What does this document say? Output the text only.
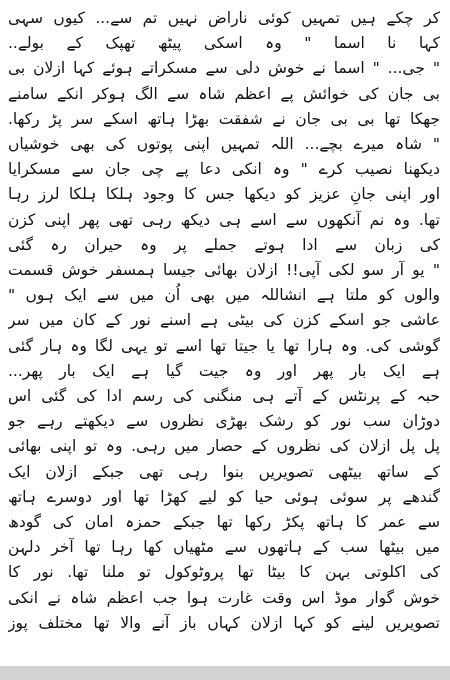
کر چکے ہیں تمہیں کوئی ناراض نہیں تم سے... کیوں سہی
کہا نا اسما " وہ اسکی پیٹھ تھپک کے بولے..
" جی... " اسما نے خوش دلی سے مسکراتے ہوئے کہا ازلان بی
بی جان کی خوائش پے اعظم شاہ سے الگ ہوکر انکے سامنے
جھکا تھا بی بی جان نے شفقت بھڑا ہاتھ اسکے سر پڑ رکھا.
" شاہ میرے بچے... اللہ تمہیں اپنی پوتوں کی بھی خوشیاں
دیکھنا نصیب کرے " وہ انکی دعا پے چی جان سے مسکرایا
اور اپنی جانِ عزیز کو دیکھا جس کا وجود ہلکا ہلکا لرز رہا
تھا. وہ نم آنکھوں سے اسے ہی دیکھ رہی تھی پھر اپنی کزن
کی زبان سے ادا ہوتے جملے پر وہ حیران رہ گئی
" یو آر سو لکی آپی!! ازلان بھائی جیسا ہمسفر خوش قسمت
والوں کو ملتا ہے انشاللہ میں بھی اُن میں سے ایک ہوں "
عاشی جو اسکے کزن کی بیٹی ہے اسنے نور کے کان میں سر
گوشی کی. وہ ہارا تھا یا جیتا تھا اسے تو یہی لگا وہ ہار گئی
ہے ایک بار پھر اور وہ جیت گیا ہے ایک بار پھر...
حبہ کے پرنٹس کے آتے ہی منگنی کی رسم ادا کی گئی اس
دوڑان سب نور کو رشک بھڑی نظروں سے دیکھتے رہے جو
پل پل ازلان کی نظروں کے حصار میں رہی. وہ تو اپنی بھائی
کے ساتھ بیٹھی تصویریں بنوا رہی تھی جبکے ازلان ایک
گندھے پر سوئی ہوئی حیا کو لیے کھڑا تھا اور دوسرے ہاتھ
سے عمر کا ہاتھ پکڑ رکھا تھا جبکے حمزہ امان کی گودھ
میں بیٹھا سب کے ہاتھوں سے مٹھیاں کھا رہا تھا آخر دلہن
کی اکلوتی بہن کا بیٹا تھا پروٹوکول تو ملنا تھا. نور کا
خوش گوار موڈ اس وقت غارت ہوا جب اعظم شاہ نے انکی
تصویریں لینے کو کہا ازلان کہاں باز آنے والا تھا مختلف پوز
